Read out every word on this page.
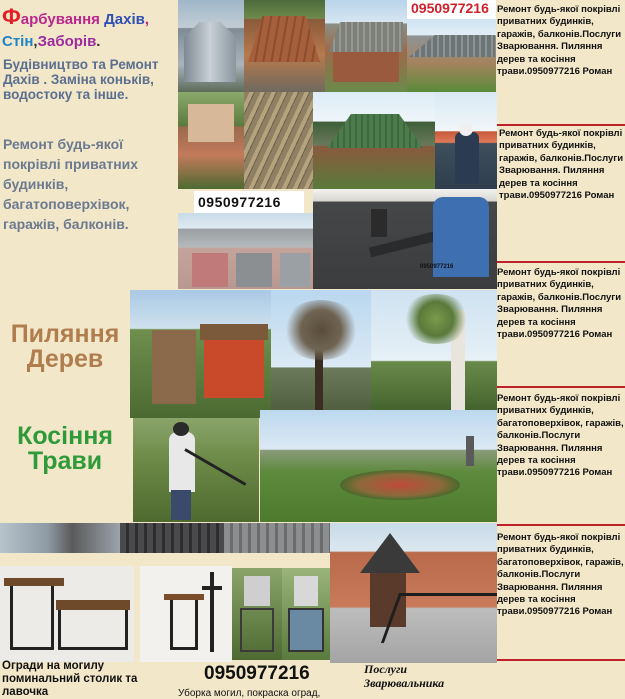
Фарбування Дахів,
Стін,Заборів.
Будівництво та Ремонт Дахів . Заміна коньків, водостоку та інше.
Ремонт будь-якої покрівлі приватних будинків, багатоповерхівок, гаражів, балконів.
0950977216
0950977216
0950977216
Ремонт будь-якої покрівлі приватних будинків, гаражів, балконів.Послуги Зварювання. Пиляння дерев та косіння трави.0950977216 Роман
Ремонт будь-якої покрівлі приватних будинків, гаражів, балконів.Послуги Зварювання. Пиляння дерев та косіння трави.0950977216 Роман
Ремонт будь-якої покрівлі приватних будинків, гаражів, балконів.Послуги Зварювання. Пиляння дерев та косіння трави.0950977216 Роман
Ремонт будь-якої покрівлі приватних будинків, багатоповерхівок, гаражів, балконів.Послуги Зварювання. Пиляння дерев та косіння трави.0950977216 Роман
Ремонт будь-якої покрівлі приватних будинків, багатоповерхівок, гаражів, балконів.Послуги Зварювання. Пиляння дерев та косіння трави.0950977216 Роман
Пиляння Дерев
Косіння Трави
Огради на могилу поминальний столик та лавочка
0950977216
Уборка могил, покраска оград,
Послуги Зварювальника
